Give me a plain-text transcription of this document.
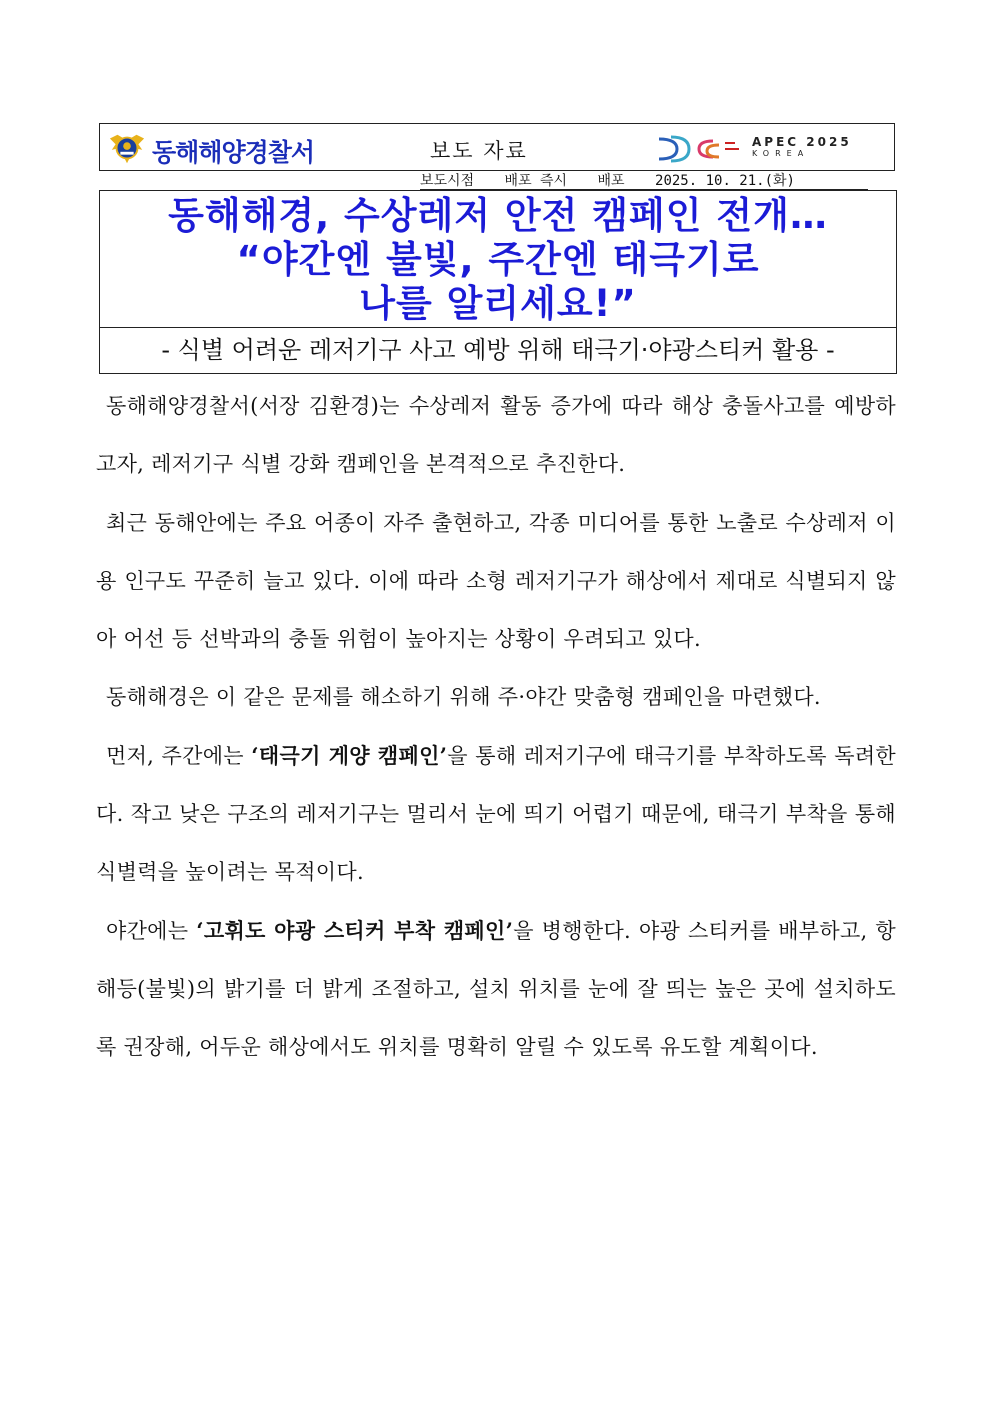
동해해양경찰서	보도 자료	APEC 2025
KOREA
보도시점 배포 즉시 배포 2025. 10. 21.(화)
동해해경, 수상레저 안전 캠페인 전개…
“야간엔 불빛, 주간엔 태극기로
나를 알리세요!”
- 식별 어려운 레저기구 사고 예방 위해 태극기·야광스티커 활용 -

동해해양경찰서(서장 김환경)는 수상레저 활동 증가에 따라 해상 충돌사고를 예방하고자, 레저기구 식별 강화 캠페인을 본격적으로 추진한다.

최근 동해안에는 주요 어종이 자주 출현하고, 각종 미디어를 통한 노출로 수상레저 이용 인구도 꾸준히 늘고 있다. 이에 따라 소형 레저기구가 해상에서 제대로 식별되지 않아 어선 등 선박과의 충돌 위험이 높아지는 상황이 우려되고 있다.

동해해경은 이 같은 문제를 해소하기 위해 주·야간 맞춤형 캠페인을 마련했다.

먼저, 주간에는 ‘태극기 게양 캠페인’을 통해 레저기구에 태극기를 부착하도록 독려한다. 작고 낮은 구조의 레저기구는 멀리서 눈에 띄기 어렵기 때문에, 태극기 부착을 통해 식별력을 높이려는 목적이다.

야간에는 ‘고휘도 야광 스티커 부착 캠페인’을 병행한다. 야광 스티커를 배부하고, 항해등(불빛)의 밝기를 더 밝게 조절하고, 설치 위치를 눈에 잘 띄는 높은 곳에 설치하도록 권장해, 어두운 해상에서도 위치를 명확히 알릴 수 있도록 유도할 계획이다.
